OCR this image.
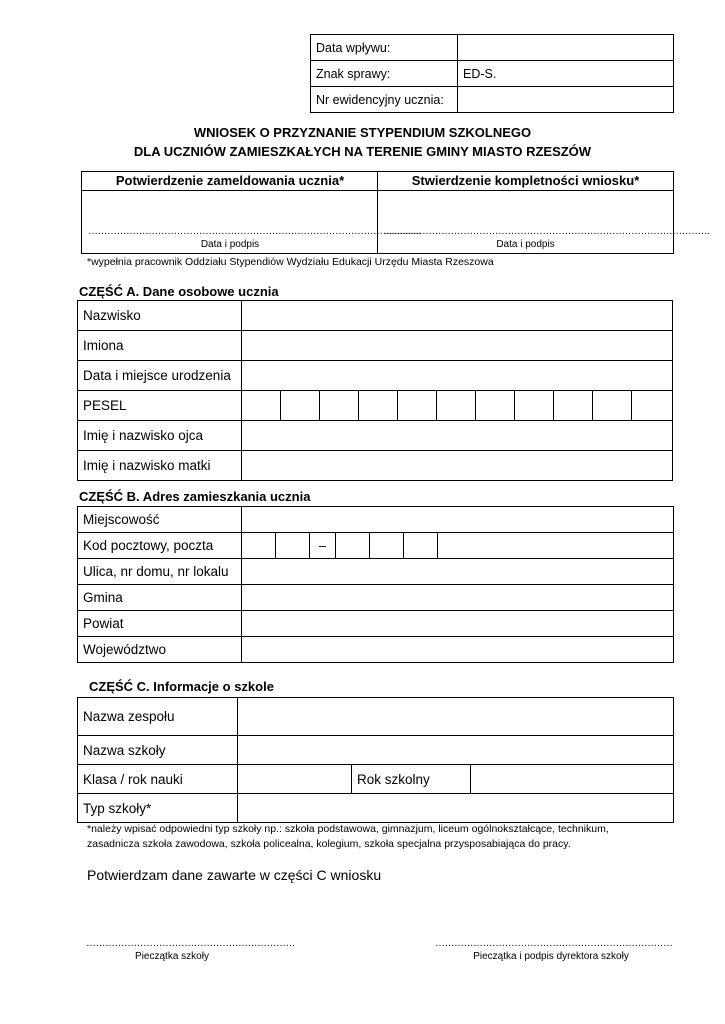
Data wpływu:	
Znak sprawy:	ED-S.
Nr ewidencyjny ucznia:	
WNIOSEK O PRZYZNANIE STYPENDIUM SZKOLNEGO
DLA UCZNIÓW ZAMIESZKAŁYCH NA TERENIE GMINY MIASTO RZESZÓW
Potwierdzenie zameldowania ucznia*
……………………………………………………………………………………………
Data i podpis
Stwierdzenie kompletności wniosku*
………………………………………………………………………………………….
Data i podpis
*wypełnia pracownik Oddziału Stypendiów Wydziału Edukacji Urzędu Miasta Rzeszowa
CZĘŚĆ A. Dane osobowe ucznia
Nazwisko											
Imiona											
Data i miejsce urodzenia											
PESEL											
Imię i nazwisko ojca											
Imię i nazwisko matki											
CZĘŚĆ B. Adres zamieszkania ucznia
Miejscowość							
Kod pocztowy, poczta			–				
Ulica, nr domu, nr lokalu							
Gmina							
Powiat							
Województwo							
CZĘŚĆ C. Informacje o szkole
Nazwa zespołu			
Nazwa szkoły			
Klasa / rok nauki		Rok szkolny	
Typ szkoły*			
*należy wpisać odpowiedni typ szkoły np.: szkoła podstawowa, gimnazjum, liceum ogólnokształcące, technikum,
zasadnicza szkoła zawodowa, szkoła policealna, kolegium, szkoła specjalna przysposabiająca do pracy.
Potwierdzam dane zawarte w części C wniosku
…………………………………………………………
Pieczątka szkoły
…………………………………………………………………
Pieczątka i podpis dyrektora szkoły
